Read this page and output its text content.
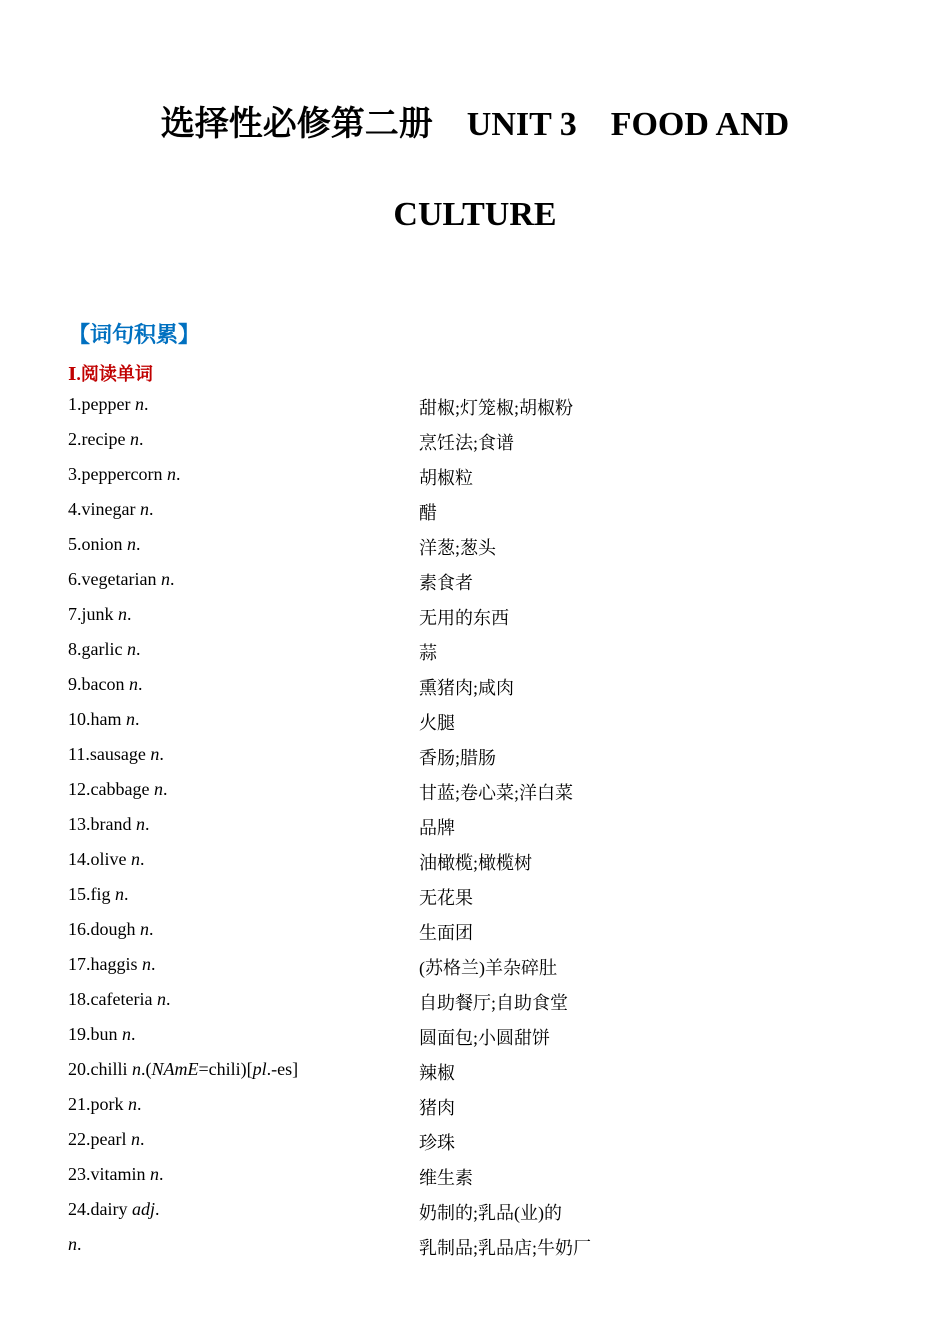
选择性必修第二册    UNIT 3    FOOD AND
CULTURE
【词句积累】
Ⅰ.阅读单词
1.pepper n.	甜椒;灯笼椒;胡椒粉
2.recipe n.	烹饪法;食谱
3.peppercorn n.	胡椒粒
4.vinegar n.	醋
5.onion n.	洋葱;葱头
6.vegetarian n.	素食者
7.junk n.	无用的东西
8.garlic n.	蒜
9.bacon n.	熏猪肉;咸肉
10.ham n.	火腿
11.sausage n.	香肠;腊肠
12.cabbage n.	甘蓝;卷心菜;洋白菜
13.brand n.	品牌
14.olive n.	油橄榄;橄榄树
15.fig n.	无花果
16.dough n.	生面团
17.haggis n.	(苏格兰)羊杂碎肚
18.cafeteria n.	自助餐厅;自助食堂
19.bun n.	圆面包;小圆甜饼
20.chilli n.(NAmE=chili)[pl.-es]	辣椒
21.pork n.	猪肉
22.pearl n.	珍珠
23.vitamin n.	维生素
24.dairy adj.	奶制的;乳品(业)的
n.	乳制品;乳品店;牛奶厂
